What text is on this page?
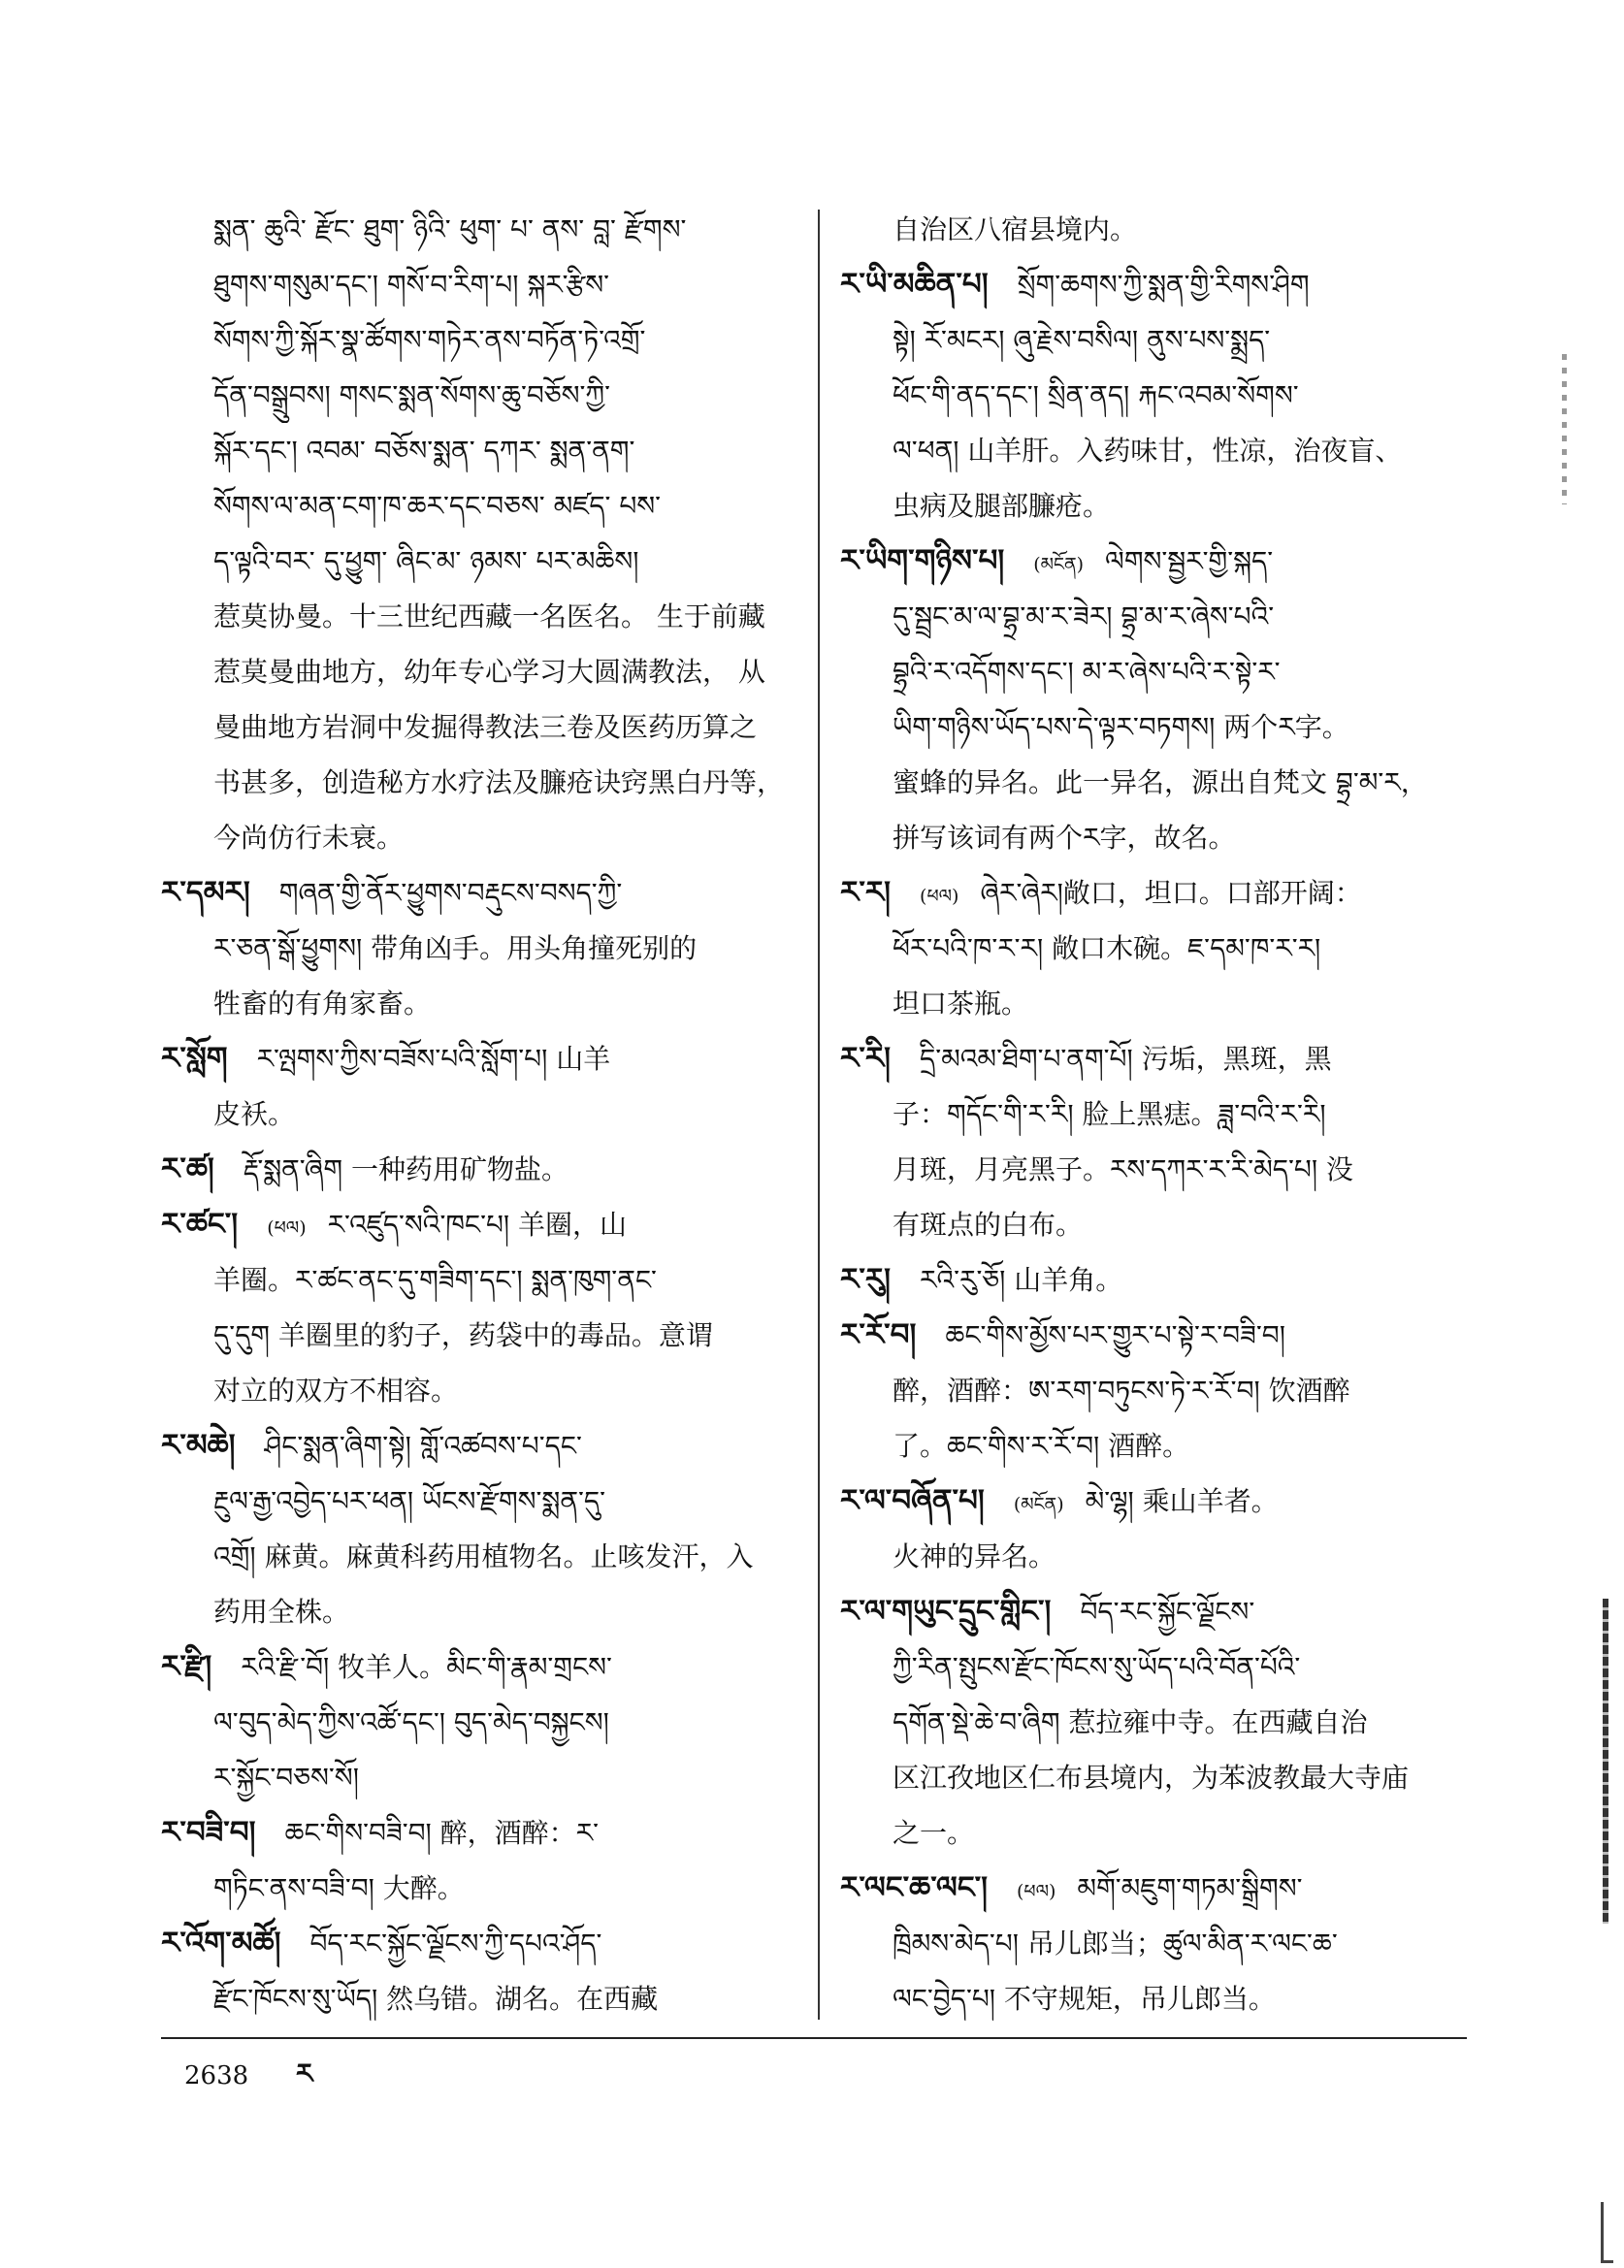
སྨན་ ཆུའི་ རྫོང་ ཐུག་ ཉིའི་ ཕུག་ པ་ ནས་ བླ་ རྫོགས་
ཐུགས་གསུམ་དང་། གསོ་བ་རིག་པ། སྐར་རྩིས་
སོགས་ཀྱི་སྐོར་སྣ་ཚོགས་གཏེར་ནས་བཏོན་ཏེ་འགྲོ་
དོན་བསྒྲུབས། གསང་སྨན་སོགས་ཆུ་བཅོས་ཀྱི་
སྐོར་དང་། འབམ་ བཅོས་སྨན་ དཀར་ སྨན་ནག་
སོགས་ལ་མན་ངག་ཁ་ཆར་དང་བཅས་ མཛད་ པས་
ད་ལྟའི་བར་ དུ་ཕྱུག་ ཞིང་མ་ ཉམས་ པར་མཆིས།
惹莫协曼。十三世纪西藏一名医名。 生于前藏
惹莫曼曲地方，幼年专心学习大圆满教法， 从
曼曲地方岩洞中发掘得教法三卷及医药历算之
书甚多，创造秘方水疗法及臁疮诀窍黑白丹等，
今尚仿行未衰。
ར་དམར། གཞན་གྱི་ནོར་ཕྱུགས་བརྡུངས་བསད་ཀྱི་
ར་ཅན་སྒོ་ཕྱུགས། 带角凶手。用头角撞死别的
牲畜的有角家畜。
ར་སློག ར་ལྤགས་ཀྱིས་བཟོས་པའི་སློག་པ། 山羊
皮袄。
ར་ཚ། རྡོ་སྨན་ཞིག 一种药用矿物盐。
ར་ཚང་། (ཕལ) ར་འཛུད་སའི་ཁང་པ། 羊圈，山
羊圈。ར་ཚང་ནང་དུ་གཟིག་དང་། སྨན་ཁུག་ནང་
དུ་དུག 羊圈里的豹子，药袋中的毒品。意谓
对立的双方不相容。
ར་མཆེ། ཤིང་སྨན་ཞིག་སྟེ། གློ་འཚབས་པ་དང་
རྔུལ་རྒྱ་འབྱེད་པར་ཕན། ཡོངས་རྫོགས་སྨན་དུ་
འགྲོ། 麻黄。麻黄科药用植物名。止咳发汗，入
药用全株。
ར་རྫི། རའི་རྫི་བོ། 牧羊人。མིང་གི་རྣམ་གྲངས་
ལ་བུད་མེད་ཀྱིས་འཚོ་དང་། བུད་མེད་བསྐྱངས།
ར་སྐྱོང་བཅས་སོ།
ར་བཟི་བ། ཆང་གིས་བཟི་བ། 醉，酒醉：ར་
གཏིང་ནས་བཟི་བ། 大醉。
ར་འོག་མཚོ། བོད་རང་སྐྱོང་ལྗོངས་ཀྱི་དཔའ་ཤོད་
རྫོང་ཁོངས་སུ་ཡོད། 然乌错。湖名。在西藏
自治区八宿县境内。
ར་ཡི་མཆིན་པ། སྲོག་ཆགས་ཀྱི་སྨན་གྱི་རིགས་ཤིག
སྟེ། རོ་མངར། ཞུ་རྗེས་བསིལ། ནུས་པས་སྨྲད་
ཕོང་གི་ནད་དང་། སྲིན་ནད། རྐང་འབམ་སོགས་
ལ་ཕན། 山羊肝。入药味甘，性凉，治夜盲、
虫病及腿部臁疮。
ར་ཡིག་གཉིས་པ། (མངོན) ལེགས་སྦྱར་གྱི་སྐད་
དུ་སྦྲང་མ་ལ་བྷྲ་མ་ར་ཟེར། བྷྲ་མ་ར་ཞེས་པའི་
བྷྲའི་ར་འདོགས་དང་། མ་ར་ཞེས་པའི་ར་སྟེ་ར་
ཡིག་གཉིས་ཡོད་པས་དེ་ལྟར་བཏགས། 两个ར字。
蜜蜂的异名。此一异名，源出自梵文 བྷྲ་མ་ར，
拼写该词有两个ར字，故名。
ར་ར། (ཕལ) ཞེར་ཞེར།敞口，坦口。口部开阔：
ཕོར་པའི་ཁ་ར་ར། 敞口木碗。ཇ་དམ་ཁ་ར་ར།
坦口茶瓶。
ར་རི། དྲི་མའམ་ཐིག་པ་ནག་པོ། 污垢，黑斑，黑
子：གདོང་གི་ར་རི། 脸上黑痣。ཟླ་བའི་ར་རི།
月斑，月亮黑子。རས་དཀར་ར་རི་མེད་པ། 没
有斑点的白布。
ར་རུ། རའི་རུ་ཅོ། 山羊角。
ར་རོ་བ། ཆང་གིས་མྱོས་པར་གྱུར་པ་སྟེ་ར་བཟི་བ།
醉，酒醉：ཨ་རག་བཏུངས་ཏེ་ར་རོ་བ། 饮酒醉
了。ཆང་གིས་ར་རོ་བ། 酒醉。
ར་ལ་བཞོན་པ། (མངོན) མེ་ལྷ། 乘山羊者。
火神的异名。
ར་ལ་གཡུང་དྲུང་གླིང་། བོད་རང་སྐྱོང་ལྗོངས་
ཀྱི་རིན་སྤུངས་རྫོང་ཁོངས་སུ་ཡོད་པའི་བོན་པོའི་
དགོན་སྡེ་ཆེ་བ་ཞིག 惹拉雍中寺。在西藏自治
区江孜地区仁布县境内，为苯波教最大寺庙
之一。
ར་ལང་ཆ་ལང་། (ཕལ) མགོ་མཇུག་གཏམ་སྒྲིགས་
ཁྲིམས་མེད་པ། 吊儿郎当；ཚུལ་མིན་ར་ལང་ཆ་
ལང་བྱེད་པ། 不守规矩，吊儿郎当。
2638 ར
